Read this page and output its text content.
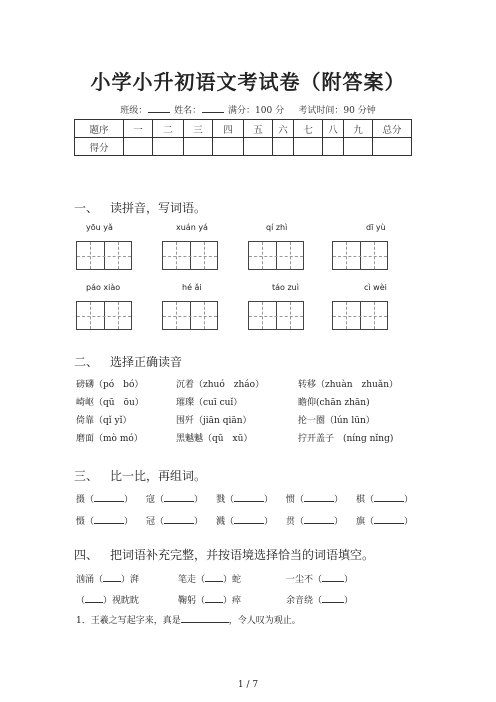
小学小升初语文考试卷（附答案）
班级：	姓名：	满分：100 分 考试时间：90 分钟
题序	一	二	三	四	五	六	七	八	九	总分
得分										
一、 读拼音，写词语。
yōu yǎ	xuán yá	qí zhì	dī yù
páo xiào	hé ǎi	táo zuì	cì wèi
二、 选择正确读音
磅礴（pó　bó）	沉着（zhuó　zháo）	转移（zhuàn　zhuǎn）
崎岖（qū　ōu）	璀璨（cuī cuǐ）	瞻仰(chān zhān)
倚靠（qǐ yǐ）	围歼（jiān qiān）	抡一圈（lún lūn）
磨面（mò mó）	黑魆魆（qū　xū）	拧开盖子　(níng nǐng)
三、 比一比，再组词。
摄（	） 寇（	） 戮（	） 惯（	） 棋（	）
慑（	） 冠（	） 溅（	） 贯（	） 旗（	）
四、 把词语补充完整，并按语境选择恰当的词语填空。
汹涌（ ）湃	笔走（ ）蛇	一尘不（ ）
（ ）视眈眈	鞠躬（ ）瘁	余音绕（ ）
1．王羲之写起字来，真是	，令人叹为观止。
1 / 7
